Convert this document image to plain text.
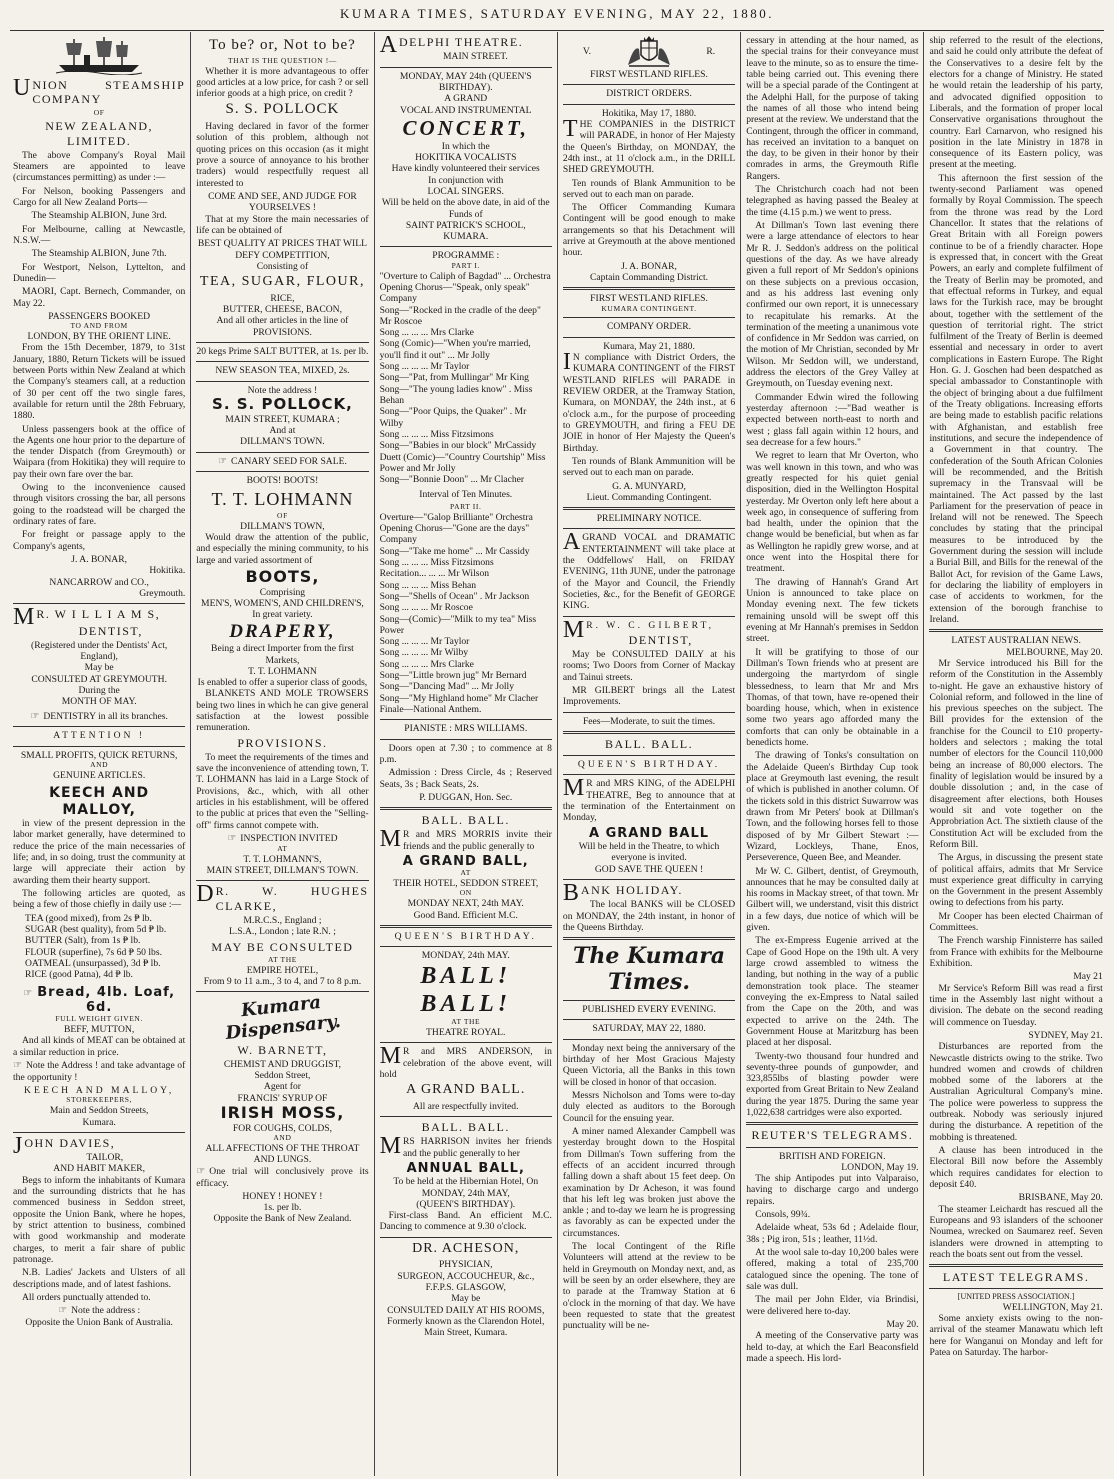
KUMARA TIMES, SATURDAY EVENING, MAY 22, 1880.

UNION STEAMSHIP COMPANY

OF
NEW ZEALAND, LIMITED.

The above Company's Royal Mail Steamers are appointed to leave (circumstances permitting) as under :—

For Nelson, booking Passengers and Cargo for all New Zealand Ports—

The Steamship ALBION, June 3rd.

For Melbourne, calling at Newcastle, N.S.W.—

The Steamship ALBION, June 7th.

For Westport, Nelson, Lyttelton, and Dunedin—

MAORI, Capt. Bernech, Commander, on May 22.

PASSENGERS BOOKED
TO AND FROM
LONDON, BY THE ORIENT LINE.

From the 15th December, 1879, to 31st January, 1880, Return Tickets will be issued between Ports within New Zealand at which the Company's steamers call, at a reduction of 30 per cent off the two single fares, available for return until the 28th February, 1880.

Unless passengers book at the office of the Agents one hour prior to the departure of the tender Dispatch (from Greymouth) or Waipara (from Hokitika) they will require to pay their own fare over the bar.

Owing to the inconvenience caused through visitors crossing the bar, all persons going to the roadstead will be charged the ordinary rates of fare.

For freight or passage apply to the Company's agents,

J. A. BONAR,
Hokitika.
NANCARROW and CO.,
Greymouth.

M R. W I L L I A M S,

DENTIST,
(Registered under the Dentists' Act, England),
May be
CONSULTED AT GREYMOUTH.
During the
MONTH OF MAY.
☞ DENTISTRY in all its branches.
ATTENTION !
SMALL PROFITS, QUICK RETURNS,
AND
GENUINE ARTICLES.
KEECH AND MALLOY,

in view of the present depression in the labor market generally, have determined to reduce the price of the main necessaries of life; and, in so doing, trust the community at large will appreciate their action by awarding them their hearty support.

The following articles are quoted, as being a few of those chiefly in daily use :—

TEA (good mixed), from 2s ₱ lb.
SUGAR (best quality), from 5d ₱ lb.
BUTTER (Salt), from 1s ₱ lb.
FLOUR (superfine), 7s 6d ₱ 50 lbs.
OATMEAL (unsurpassed), 3d ₱ lb.
RICE (good Patna), 4d ₱ lb.
☞ Bread, 4lb. Loaf, 6d.
FULL WEIGHT GIVEN.
BEFF, MUTTON,

And all kinds of MEAT can be obtained at a similar reduction in price.

☞ Note the Address ! and take advantage of the opportunity !

KEECH AND MALLOY,
STOREKEEPERS,
Main and Seddon Streets,
Kumara.

JOHN DAVIES,

TAILOR,
AND HABIT MAKER,

Begs to inform the inhabitants of Kumara and the surrounding districts that he has commenced business in Seddon street, opposite the Union Bank, where he hopes, by strict attention to business, combined with good workmanship and moderate charges, to merit a fair share of public patronage.

N.B. Ladies' Jackets and Ulsters of all descriptions made, and of latest fashions.

All orders punctually attended to.

☞ Note the address :
Opposite the Union Bank of Australia.
To be? or, Not to be?
THAT IS THE QUESTION !—

Whether it is more advantageous to offer good articles at a low price, for cash ? or sell inferior goods at a high price, on credit ?

S. S. POLLOCK

Having declared in favor of the former solution of this problem, although not quoting prices on this occasion (as it might prove a source of annoyance to his brother traders) would respectfully request all interested to

COME AND SEE, AND JUDGE FOR YOURSELVES !

That at my Store the main necessaries of life can be obtained of

BEST QUALITY AT PRICES THAT WILL DEFY COMPETITION,
Consisting of
TEA, SUGAR, FLOUR,
RICE,
BUTTER, CHEESE, BACON,
And all other articles in the line of
PROVISIONS.
20 kegs Prime SALT BUTTER, at 1s. per lb.
NEW SEASON TEA, MIXED, 2s.
Note the address !
S. S. POLLOCK,
MAIN STREET, KUMARA ;
And at
DILLMAN'S TOWN.
☞ CANARY SEED FOR SALE.
BOOTS! BOOTS!
T. T. LOHMANN
OF
DILLMAN'S TOWN,

Would draw the attention of the public, and especially the mining community, to his large and varied assortment of

BOOTS,
Comprising
MEN'S, WOMEN'S, AND CHILDREN'S,
In great variety.
DRAPERY,
Being a direct Importer from the first Markets,
T. T. LOHMANN
Is enabled to offer a superior class of goods,

BLANKETS AND MOLE TROWSERS being two lines in which he can give general satisfaction at the lowest possible remuneration.

PROVISIONS.

To meet the requirements of the times and save the inconvenience of attending town, T. T. LOHMANN has laid in a Large Stock of Provisions, &c., which, with all other articles in his establishment, will be offered to the public at prices that even the "Selling-off" firms cannot compete with.

☞ INSPECTION INVITED
AT
T. T. LOHMANN'S,
MAIN STREET, DILLMAN'S TOWN.

D R. W. HUGHES CLARKE,

M.R.C.S., England ;
L.S.A., London ; late R.N. ;
MAY BE CONSULTED
AT THE
EMPIRE HOTEL,
From 9 to 11 a.m., 3 to 4, and 7 to 8 p.m.
Kumara Dispensary.
W. BARNETT,
CHEMIST AND DRUGGIST,
Seddon Street,
Agent for
FRANCIS' SYRUP OF
IRISH MOSS,
FOR COUGHS, COLDS,
AND
ALL AFFECTIONS OF THE THROAT AND LUNGS.

☞ One trial will conclusively prove its efficacy.

HONEY ! HONEY !
1s. per lb.
Opposite the Bank of New Zealand.

ADELPHI THEATRE.

MAIN STREET.
MONDAY, MAY 24th (QUEEN'S BIRTHDAY).
A GRAND
VOCAL AND INSTRUMENTAL
CONCERT,
In which the
HOKITIKA VOCALISTS
Have kindly volunteered their services
In conjunction with
LOCAL SINGERS.
Will be held on the above date, in aid of the Funds of
SAINT PATRICK'S SCHOOL,
KUMARA.
PROGRAMME :
PART I.
"Overture to Caliph of Bagdad" ... Orchestra
Opening Chorus—"Speak, only speak" Company
Song—"Rocked in the cradle of the deep" Mr Roscoe
Song ... ... ... Mrs Clarke
Song (Comic)—"When you're married, you'll find it out" ... Mr Jolly
Song ... ... ... Mr Taylor
Song—"Pat, from Mullingar" Mr King
Song—"The young ladies know" . Miss Behan
Song—"Poor Quips, the Quaker" . Mr Wilby
Song ... ... ... Miss Fitzsimons
Song—"Babies in our block" MrCassidy
Duett (Comic)—"Country Courtship" Miss Power and Mr Jolly
Song—"Bonnie Doon" ... Mr Clacher
Interval of Ten Minutes.
PART II.
Overture—"Galop Brilliante" Orchestra
Opening Chorus—"Gone are the days" Company
Song—"Take me home" ... Mr Cassidy
Song ... ... ... Miss Fitzsimons
Recitation... ... ... Mr Wilson
Song ... ... ... Miss Behan
Song—"Shells of Ocean" . Mr Jackson
Song ... ... ... Mr Roscoe
Song—(Comic)—"Milk to my tea" Miss Power
Song ... ... ... Mr Taylor
Song ... ... ... Mr Wilby
Song ... ... ... Mrs Clarke
Song—"Little brown jug" Mr Bernard
Song—"Dancing Mad" ... Mr Jolly
Song—"My Highland home" Mr Clacher
Finale—National Anthem.
PIANISTE : MRS WILLIAMS.

Doors open at 7.30 ; to commence at 8 p.m.

Admission : Dress Circle, 4s ; Reserved Seats, 3s ; Back Seats, 2s.

P. DUGGAN, Hon. Sec.
BALL. BALL.

M R and MRS MORRIS invite their friends and the public generally to

A GRAND BALL,
AT
THEIR HOTEL, SEDDON STREET,
ON
MONDAY NEXT, 24th MAY.
Good Band. Efficient M.C.
QUEEN'S BIRTHDAY.
MONDAY, 24th MAY.
BALL! BALL!
AT THE
THEATRE ROYAL.

M R and MRS ANDERSON, in celebration of the above event, will hold

A GRAND BALL.
All are respectfully invited.
BALL. BALL.

MRS HARRISON invites her friends and the public generally to her

ANNUAL BALL,
To be held at the Hibernian Hotel, On MONDAY, 24th MAY,
(QUEEN'S BIRTHDAY).

First-class Band. An efficient M.C. Dancing to commence at 9.30 o'clock.

DR. ACHESON,
PHYSICIAN,
SURGEON, ACCOUCHEUR, &c.,
F.F.P.S. GLASGOW,
May be
CONSULTED DAILY AT HIS ROOMS,
Formerly known as the Clarendon Hotel, Main Street, Kumara.
V.	R.
FIRST WESTLAND RIFLES.
DISTRICT ORDERS.
Hokitika, May 17, 1880.

THE COMPANIES in the DISTRICT will PARADE, in honor of Her Majesty the Queen's Birthday, on MONDAY, the 24th inst., at 11 o'clock a.m., in the DRILL SHED GREYMOUTH.

Ten rounds of Blank Ammunition to be served out to each man on parade.

The Officer Commanding Kumara Contingent will be good enough to make arrangements so that his Detachment will arrive at Greymouth at the above mentioned hour.

J. A. BONAR,
Captain Commanding District.
FIRST WESTLAND RIFLES.
KUMARA CONTINGENT.
COMPANY ORDER.
Kumara, May 21, 1880.

I N compliance with District Orders, the KUMARA CONTINGENT of the FIRST WESTLAND RIFLES will PARADE in REVIEW ORDER, at the Tramway Station, Kumara, on MONDAY, the 24th inst., at 6 o'clock a.m., for the purpose of proceeding to GREYMOUTH, and firing a FEU DE JOIE in honor of Her Majesty the Queen's Birthday.

Ten rounds of Blank Ammunition will be served out to each man on parade.

G. A. MUNYARD,
Lieut. Commanding Contingent.
PRELIMINARY NOTICE.

AGRAND VOCAL and DRAMATIC ENTERTAINMENT will take place at the Oddfellows' Hall, on FRIDAY EVENING, 11th JUNE, under the patronage of the Mayor and Council, the Friendly Societies, &c., for the Benefit of GEORGE KING.

M R. W. C. GILBERT,

DENTIST,

May be CONSULTED DAILY at his rooms; Two Doors from Corner of Mackay and Tainui streets.

MR GILBERT brings all the Latest Improvements.

Fees—Moderate, to suit the times.
BALL. BALL.
QUEEN'S BIRTHDAY.

M R and MRS KING, of the ADELPHI THEATRE, Beg to announce that at the termination of the Entertainment on Monday,

A GRAND BALL
Will be held in the Theatre, to which everyone is invited.
GOD SAVE THE QUEEN !

BANK HOLIDAY.

The local BANKS will be CLOSED on MONDAY, the 24th instant, in honor of the Queens Birthday.

The Kumara Times.
PUBLISHED EVERY EVENING.
SATURDAY, MAY 22, 1880.

Monday next being the anniversary of the birthday of her Most Gracious Majesty Queen Victoria, all the Banks in this town will be closed in honor of that occasion.

Messrs Nicholson and Toms were to-day duly elected as auditors to the Borough Council for the ensuing year.

A miner named Alexander Campbell was yesterday brought down to the Hospital from Dillman's Town suffering from the effects of an accident incurred through falling down a shaft about 15 feet deep. On examination by Dr Acheson, it was found that his left leg was broken just above the ankle ; and to-day we learn he is progressing as favorably as can be expected under the circumstances.

The local Contingent of the Rifle Volunteers will attend at the review to be held in Greymouth on Monday next, and, as will be seen by an order elsewhere, they are to parade at the Tramway Station at 6 o'clock in the morning of that day. We have been requested to state that the greatest punctuality will be ne-

cessary in attending at the hour named, as the special trains for their conveyance must leave to the minute, so as to ensure the time-table being carried out. This evening there will be a special parade of the Contingent at the Adelphi Hall, for the purpose of taking the names of all those who intend being present at the review. We understand that the Contingent, through the officer in command, has received an invitation to a banquet on the day, to be given in their honor by their comrades in arms, the Greymouth Rifle Rangers.

The Christchurch coach had not been telegraphed as having passed the Bealey at the time (4.15 p.m.) we went to press.

At Dillman's Town last evening there were a large attendance of electors to hear Mr R. J. Seddon's address on the political questions of the day. As we have already given a full report of Mr Seddon's opinions on these subjects on a previous occasion, and as his address last evening only confirmed our own report, it is unnecessary to recapitulate his remarks. At the termination of the meeting a unanimous vote of confidence in Mr Seddon was carried, on the motion of Mr Christian, seconded by Mr Wilson. Mr Seddon will, we understand, address the electors of the Grey Valley at Greymouth, on Tuesday evening next.

Commander Edwin wired the following yesterday afternoon :—"Bad weather is expected between north-east to north and west ; glass fall again within 12 hours, and sea decrease for a few hours."

We regret to learn that Mr Overton, who was well known in this town, and who was greatly respected for his quiet genial disposition, died in the Wellington Hospital yesterday. Mr Overton only left here about a week ago, in consequence of suffering from bad health, under the opinion that the change would be beneficial, but when as far as Wellington he rapidly grew worse, and at once went into the Hospital there for treatment.

The drawing of Hannah's Grand Art Union is announced to take place on Monday evening next. The few tickets remaining unsold will be swept off this evening at Mr Hannah's premises in Seddon street.

It will be gratifying to those of our Dillman's Town friends who at present are undergoing the martyrdom of single blessedness, to learn that Mr and Mrs Thomas, of that town, have re-opened their boarding house, which, when in existence some two years ago afforded many the comforts that can only be obtainable in a benedicts home.

The drawing of Tonks's consultation on the Adelaide Queen's Birthday Cup took place at Greymouth last evening, the result of which is published in another column. Of the tickets sold in this district Suwarrow was drawn from Mr Peters' book at Dillman's Town, and the following horses fell to those disposed of by Mr Gilbert Stewart :—Wizard, Lockleys, Thane, Enos, Perseverence, Queen Bee, and Meander.

Mr W. C. Gilbert, dentist, of Greymouth, announces that he may be consulted daily at his rooms in Mackay street, of that town. Mr Gilbert will, we understand, visit this district in a few days, due notice of which will be given.

The ex-Empress Eugenie arrived at the Cape of Good Hope on the 19th ult. A very large crowd assembled to witness the landing, but nothing in the way of a public demonstration took place. The steamer conveying the ex-Empress to Natal sailed from the Cape on the 20th, and was expected to arrive on the 24th. The Government House at Maritzburg has been placed at her disposal.

Twenty-two thousand four hundred and seventy-three pounds of gunpowder, and 323,855lbs of blasting powder were exported from Great Britain to New Zealand during the year 1875. During the same year 1,022,638 cartridges were also exported.

REUTER'S TELEGRAMS.
BRITISH AND FOREIGN.
LONDON, May 19.

The ship Antipodes put into Valparaiso, having to discharge cargo and undergo repairs.

Consols, 99¾.

Adelaide wheat, 53s 6d ; Adelaide flour, 38s ; Pig iron, 51s ; leather, 11½d.

At the wool sale to-day 10,200 bales were offered, making a total of 235,700 catalogued since the opening. The tone of sale was dull.

The mail per John Elder, via Brindisi, were delivered here to-day.

May 20.

A meeting of the Conservative party was held to-day, at which the Earl Beaconsfield made a speech. His lord-

ship referred to the result of the elections, and said he could only attribute the defeat of the Conservatives to a desire felt by the electors for a change of Ministry. He stated he would retain the leadership of his party, and advocated dignified opposition to Liberals, and the formation of proper local Conservative organisations throughout the country. Earl Carnarvon, who resigned his position in the late Ministry in 1878 in consequence of its Eastern policy, was present at the meeting.

This afternoon the first session of the twenty-second Parliament was opened formally by Royal Commission. The speech from the throne was read by the Lord Chancellor. It states that the relations of Great Britain with all Foreign powers continue to be of a friendly character. Hope is expressed that, in concert with the Great Powers, an early and complete fulfilment of the Treaty of Berlin may be promoted, and that effectual reforms in Turkey, and equal laws for the Turkish race, may be brought about, together with the settlement of the question of territorial right. The strict fulfilment of the Treaty of Berlin is deemed essential and necessary in order to avert complications in Eastern Europe. The Right Hon. G. J. Goschen had been despatched as special ambassador to Constantinople with the object of bringing about a due fulfilment of the Treaty obligations. Increasing efforts are being made to establish pacific relations with Afghanistan, and establish free institutions, and secure the independence of a Government in that country. The confederation of the South African Colonies will be recommended, and the British supremacy in the Transvaal will be maintained. The Act passed by the last Parliament for the preservation of peace in Ireland will not be renewed. The Speech concludes by stating that the principal measures to be introduced by the Government during the session will include a Burial Bill, and Bills for the renewal of the Ballot Act, for revision of the Game Laws, for declaring the liability of employers in case of accidents to workmen, for the extension of the borough franchise to Ireland.

LATEST AUSTRALIAN NEWS.
MELBOURNE, May 20.

Mr Service introduced his Bill for the reform of the Constitution in the Assembly to-night. He gave an exhaustive history of Colonial reform, and followed in the line of his previous speeches on the subject. The Bill provides for the extension of the franchise for the Council to £10 property-holders and selectors ; making the total number of electors for the Council 110,000 being an increase of 80,000 electors. The finality of legislation would be insured by a double dissolution ; and, in the case of disagreement after elections, both Houses would sit and vote together on the Approbriation Act. The sixtieth clause of the Constitution Act will be excluded from the Reform Bill.

The Argus, in discussing the present state of political affairs, admits that Mr Service must experience great difficulty in carrying on the Government in the present Assembly owing to defections from his party.

Mr Cooper has been elected Chairman of Committees.

The French warship Finnisterre has sailed from France with exhibits for the Melbourne Exhibition.

May 21

Mr Service's Reform Bill was read a first time in the Assembly last night without a division. The debate on the second reading will commence on Tuesday.

SYDNEY, May 21.

Disturbances are reported from the Newcastle districts owing to the strike. Two hundred women and crowds of children mobbed some of the laborers at the Australian Agricultural Company's mine. The police were powerless to suppress the outbreak. Nobody was seriously injured during the disturbance. A repetition of the mobbing is threatened.

A clause has been introduced in the Electoral Bill now before the Assembly which requires candidates for election to deposit £40.

BRISBANE, May 20.

The steamer Leichardt has rescued all the Europeans and 93 islanders of the schooner Noumea, wrecked on Saumarez reef. Seven islanders were drowned in attempting to reach the boats sent out from the vessel.

LATEST TELEGRAMS.
[UNITED PRESS ASSOCIATION.]
WELLINGTON, May 21.

Some anxiety exists owing to the non-arrival of the steamer Manawatu which left here for Wanganui on Monday and left for Patea on Saturday. The harbor-
